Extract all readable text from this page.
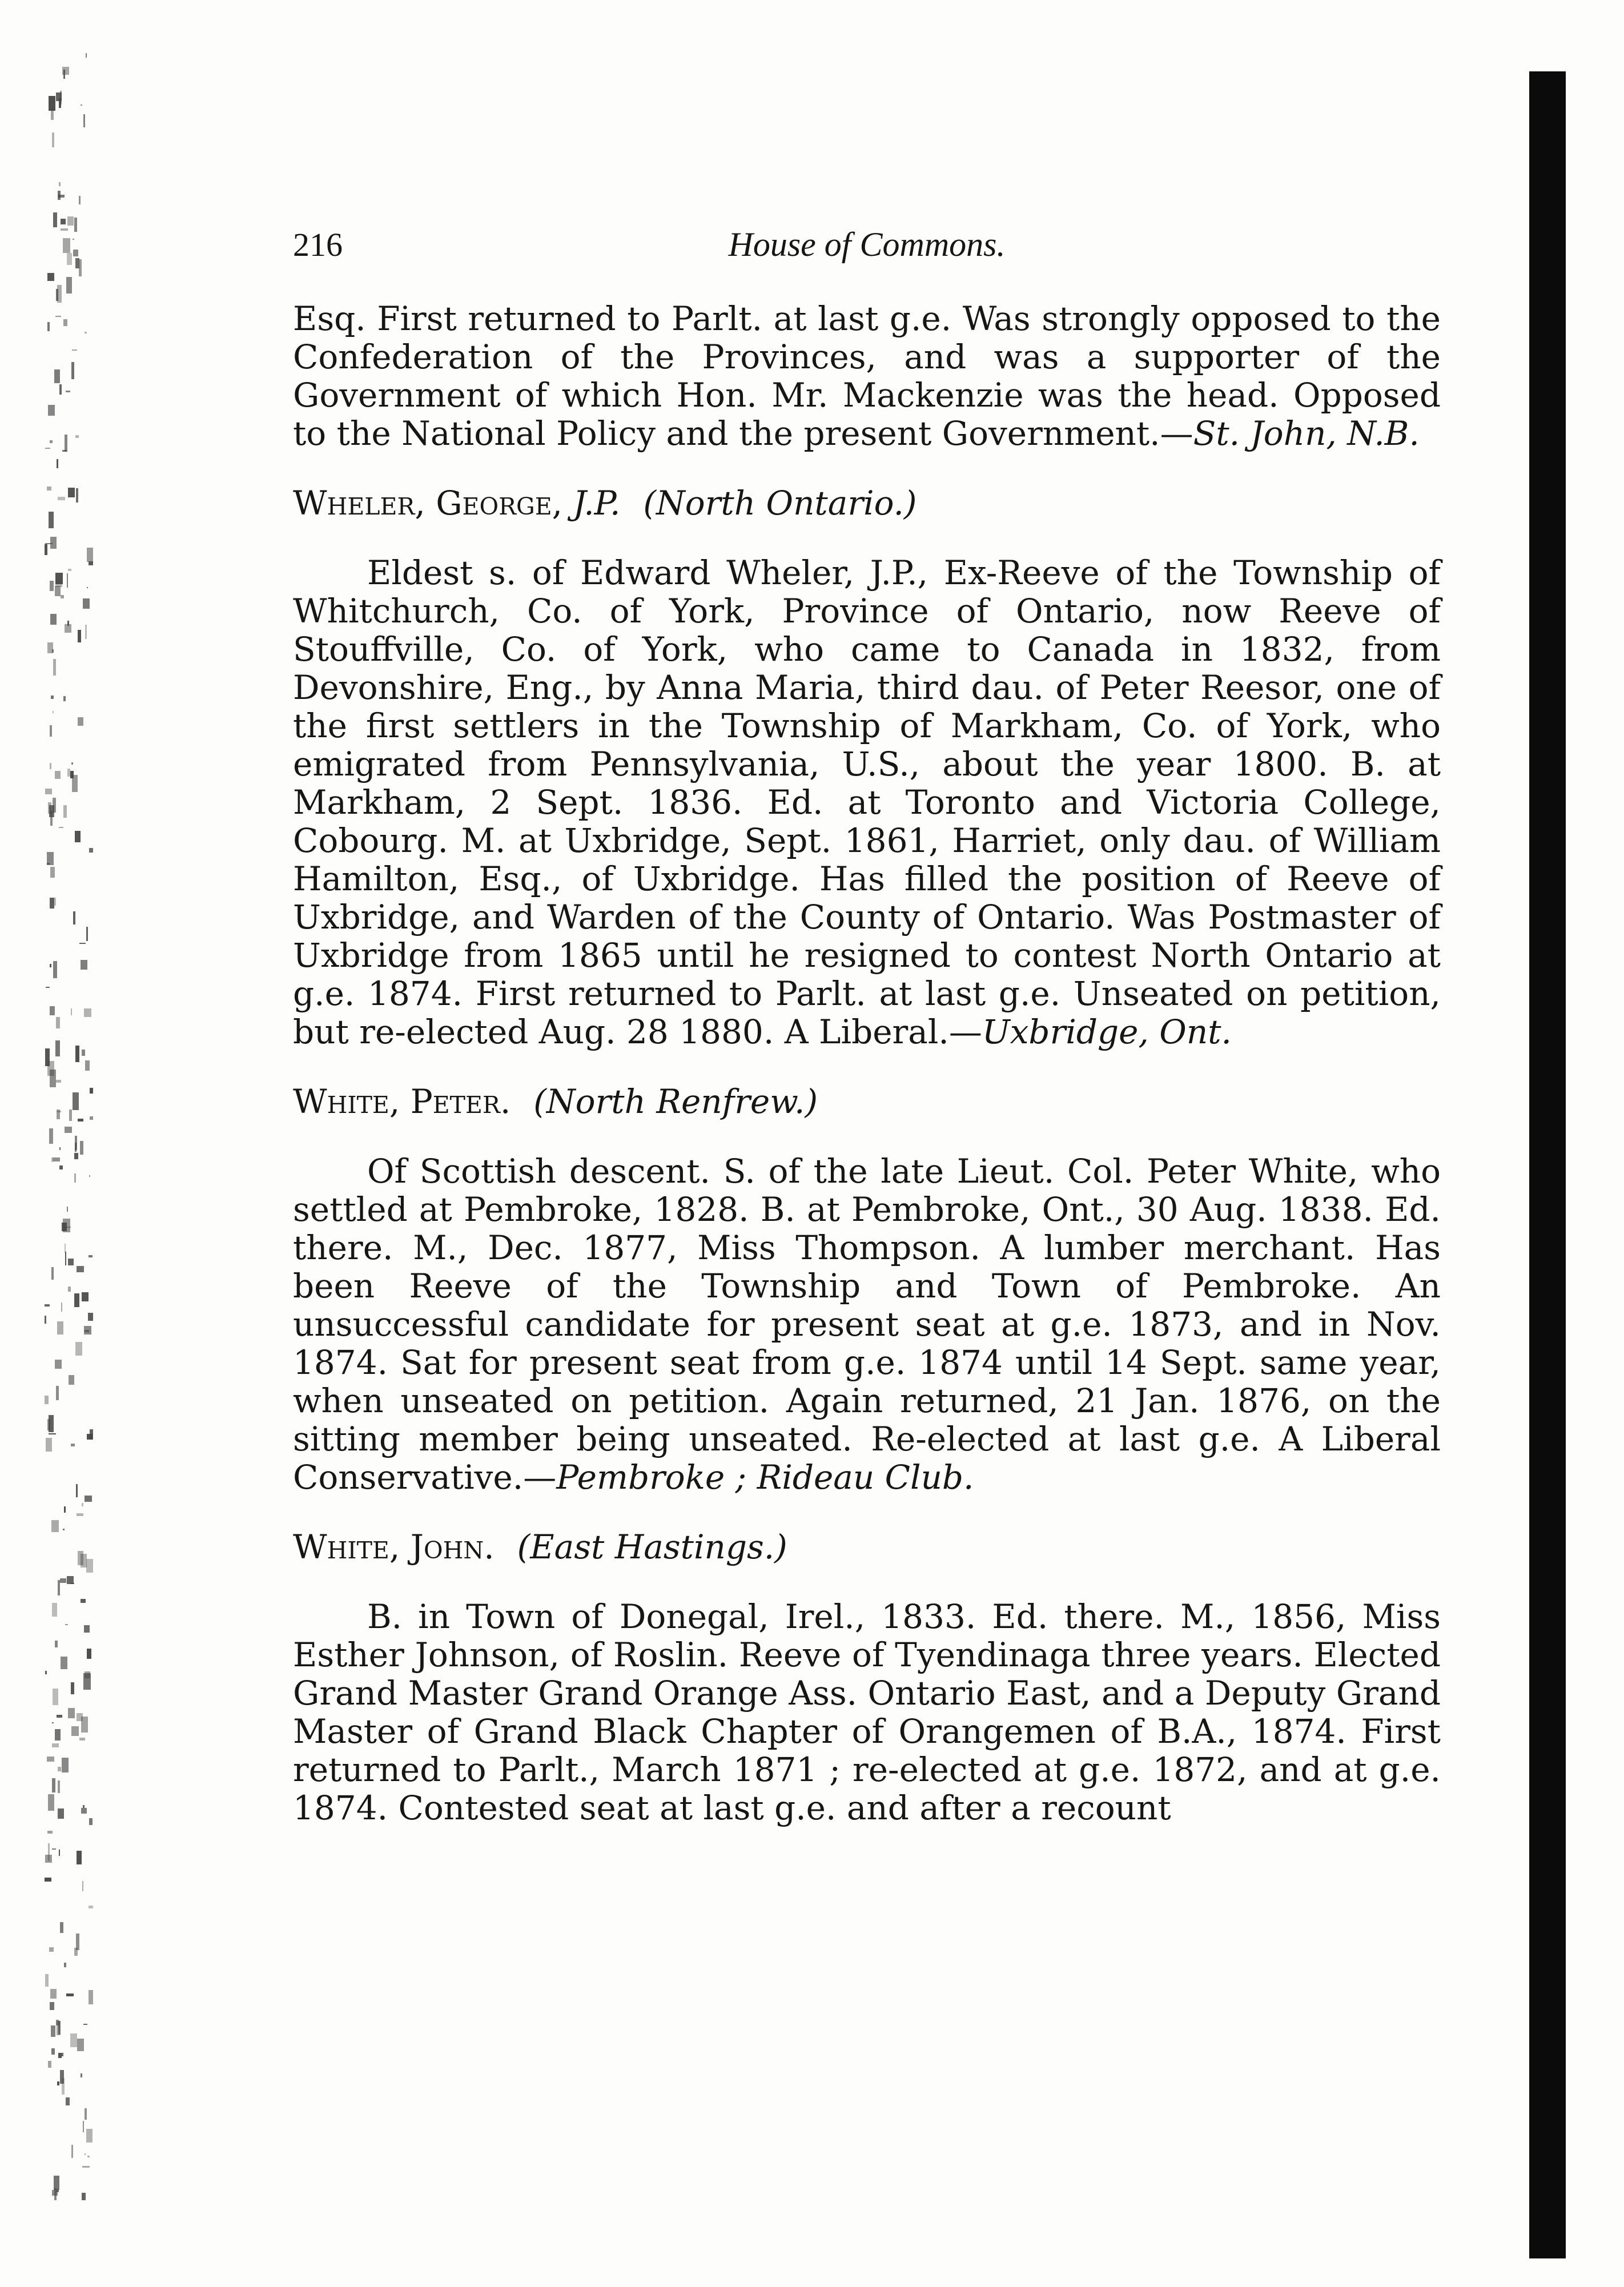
216	House of Commons.

Esq. First returned to Parlt. at last g.e. Was strongly opposed to the Confederation of the Provinces, and was a supporter of the Government of which Hon. Mr. Mackenzie was the head. Opposed to the National Policy and the present Government.—St. John, N.B.

Wheler, George, J.P. (North Ontario.)

Eldest s. of Edward Wheler, J.P., Ex-Reeve of the Township of Whitchurch, Co. of York, Province of Ontario, now Reeve of Stouffville, Co. of York, who came to Canada in 1832, from Devonshire, Eng., by Anna Maria, third dau. of Peter Reesor, one of the first settlers in the Township of Markham, Co. of York, who emigrated from Pennsylvania, U.S., about the year 1800. B. at Markham, 2 Sept. 1836. Ed. at Toronto and Victoria College, Cobourg. M. at Uxbridge, Sept. 1861, Harriet, only dau. of William Hamilton, Esq., of Uxbridge. Has filled the position of Reeve of Uxbridge, and Warden of the County of Ontario. Was Postmaster of Uxbridge from 1865 until he resigned to contest North Ontario at g.e. 1874. First returned to Parlt. at last g.e. Unseated on petition, but re-elected Aug. 28 1880. A Liberal.—Uxbridge, Ont.

White, Peter. (North Renfrew.)

Of Scottish descent. S. of the late Lieut. Col. Peter White, who settled at Pembroke, 1828. B. at Pembroke, Ont., 30 Aug. 1838. Ed. there. M., Dec. 1877, Miss Thompson. A lumber merchant. Has been Reeve of the Township and Town of Pembroke. An unsuccessful candidate for present seat at g.e. 1873, and in Nov. 1874. Sat for present seat from g.e. 1874 until 14 Sept. same year, when unseated on petition. Again returned, 21 Jan. 1876, on the sitting member being unseated. Re-elected at last g.e. A Liberal Conservative.—Pembroke ; Rideau Club.

White, John. (East Hastings.)

B. in Town of Donegal, Irel., 1833. Ed. there. M., 1856, Miss Esther Johnson, of Roslin. Reeve of Tyendinaga three years. Elected Grand Master Grand Orange Ass. Ontario East, and a Deputy Grand Master of Grand Black Chapter of Orangemen of B.A., 1874. First returned to Parlt., March 1871 ; re-elected at g.e. 1872, and at g.e. 1874. Contested seat at last g.e. and after a recount
